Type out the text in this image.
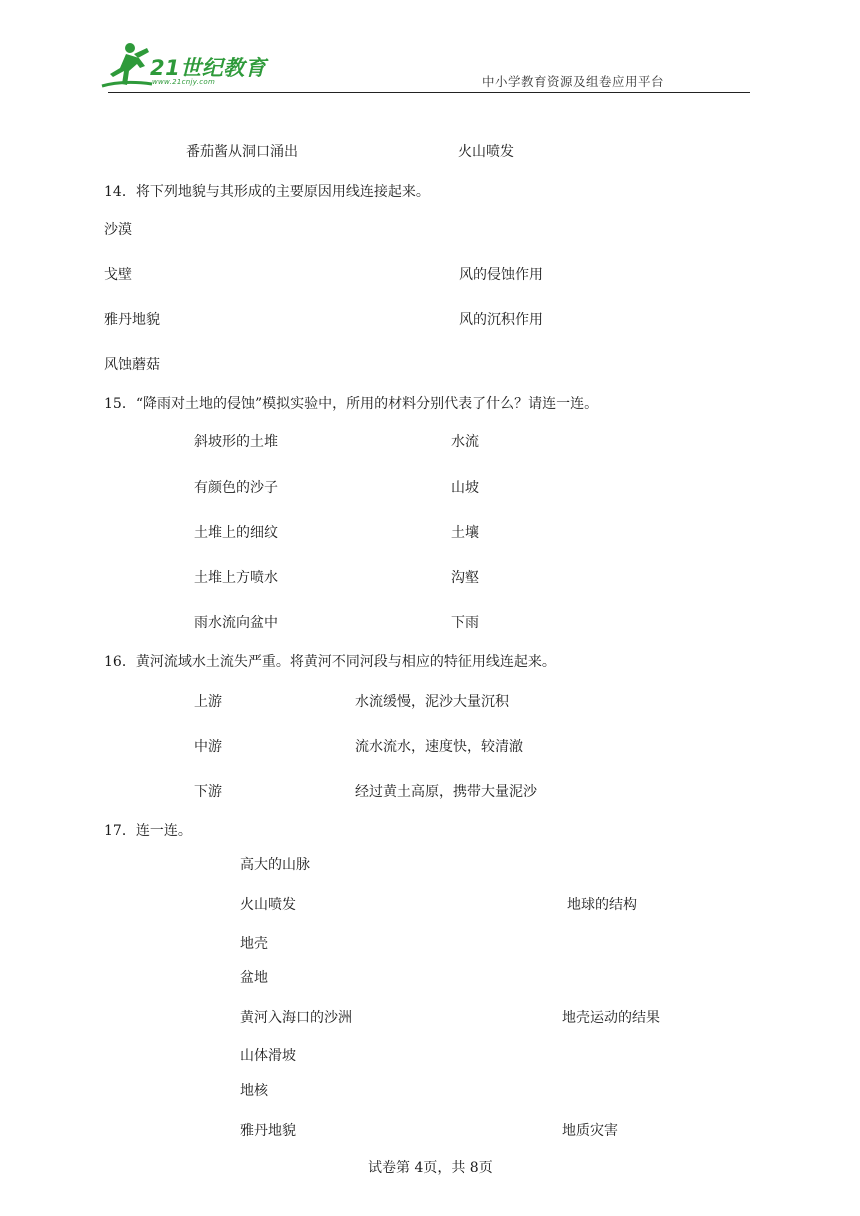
21世纪教育
www.21cnjy.com	中小学教育资源及组卷应用平台
番茄酱从洞口涌出	火山喷发
14．将下列地貌与其形成的主要原因用线连接起来。
沙漠
戈壁
雅丹地貌
风蚀蘑菇
风的侵蚀作用
风的沉积作用
15．“降雨对土地的侵蚀”模拟实验中，所用的材料分别代表了什么？请连一连。
斜坡形的土堆
有颜色的沙子
土堆上的细纹
土堆上方喷水
雨水流向盆中
水流
山坡
土壤
沟壑
下雨
16．黄河流域水土流失严重。将黄河不同河段与相应的特征用线连起来。
上游
中游
下游
水流缓慢，泥沙大量沉积
流水流水，速度快，较清澈
经过黄土高原，携带大量泥沙
17．连一连。
高大的山脉
火山喷发
地壳
盆地
黄河入海口的沙洲
山体滑坡
地核
雅丹地貌
地球的结构
地壳运动的结果
地质灾害
试卷第 4页，共 8页
